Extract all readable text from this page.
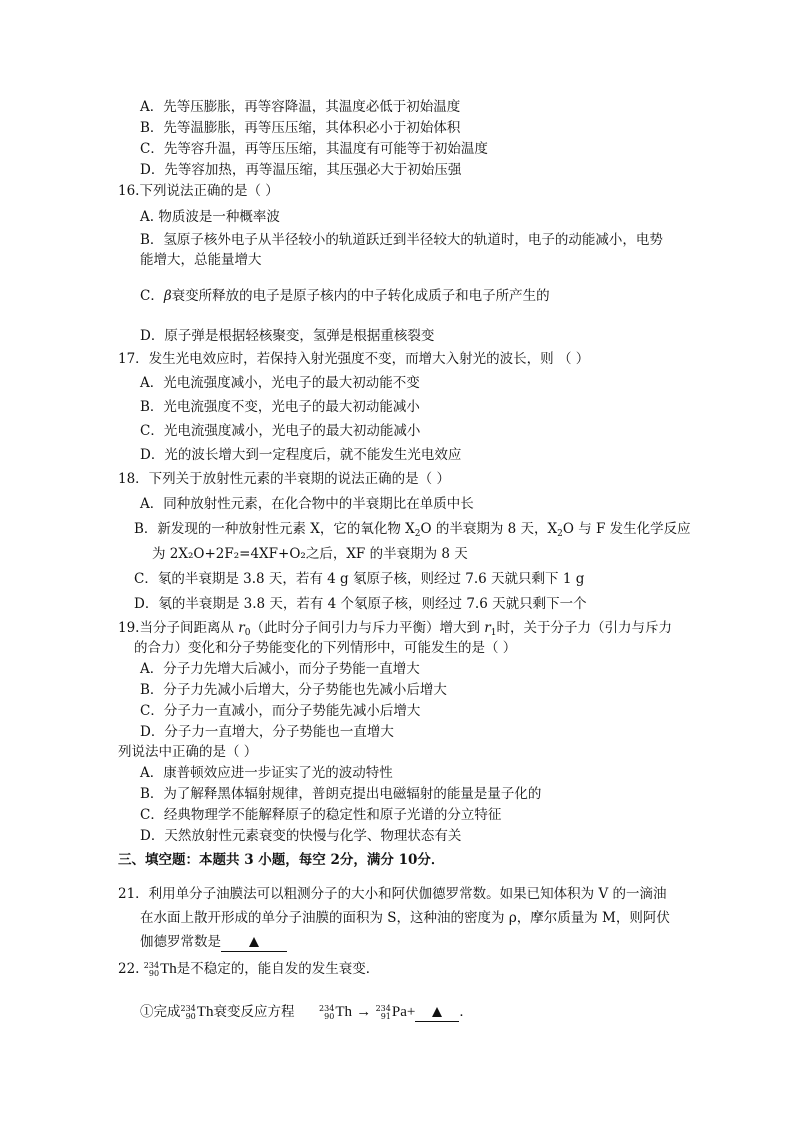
A．先等压膨胀，再等容降温，其温度必低于初始温度
B．先等温膨胀，再等压压缩，其体积必小于初始体积
C．先等容升温，再等压压缩，其温度有可能等于初始温度
D．先等容加热，再等温压缩，其压强必大于初始压强
16.下列说法正确的是（ ）
A. 物质波是一种概率波
B．氢原子核外电子从半径较小的轨道跃迁到半径较大的轨道时，电子的动能减小，电势
能增大，总能量增大
C．β衰变所释放的电子是原子核内的中子转化成质子和电子所产生的
D．原子弹是根据轻核聚变，氢弹是根据重核裂变
17．发生光电效应时，若保持入射光强度不变，而增大入射光的波长，则 （ ）
A．光电流强度减小，光电子的最大初动能不变
B．光电流强度不变，光电子的最大初动能减小
C．光电流强度减小，光电子的最大初动能减小
D．光的波长增大到一定程度后，就不能发生光电效应
18．下列关于放射性元素的半衰期的说法正确的是（ ）
A．同种放射性元素，在化合物中的半衰期比在单质中长
B．新发现的一种放射性元素 X，它的氧化物 $X_2O$ 的半衰期为 8 天，$X_2O$ 与 F 发生化学反应
为 2X₂O+2F₂=4XF+O₂之后，XF 的半衰期为 8 天
C．氡的半衰期是 3.8 天，若有 4 g 氡原子核，则经过 7.6 天就只剩下 1 g
D．氡的半衰期是 3.8 天，若有 4 个氡原子核，则经过 7.6 天就只剩下一个
19.当分子间距离从 $r_0$（此时分子间引力与斥力平衡）增大到 $r_1$时，关于分子力（引力与斥力
的合力）变化和分子势能变化的下列情形中，可能发生的是（ ）
A．分子力先增大后减小，而分子势能一直增大
B．分子力先减小后增大，分子势能也先减小后增大
C．分子力一直减小，而分子势能先减小后增大
D．分子力一直增大，分子势能也一直增大
列说法中正确的是（ ）
A．康普顿效应进一步证实了光的波动特性
B．为了解释黑体辐射规律，普朗克提出电磁辐射的能量是量子化的
C．经典物理学不能解释原子的稳定性和原子光谱的分立特征
D．天然放射性元素衰变的快慢与化学、物理状态有关
三、填空题：本题共 3 小题，每空 2分，满分 10分．
21．利用单分子油膜法可以粗测分子的大小和阿伏伽德罗常数。如果已知体积为 V 的一滴油
在水面上散开形成的单分子油膜的面积为 S，这种油的密度为 ρ，摩尔质量为 M，则阿伏
伽德罗常数是
22. 234
90 Th是不稳定的，能自发的发生衰变．
①完成 234
90 Th衰变反应方程	234
90 Th → 234
91 Pa+	．
